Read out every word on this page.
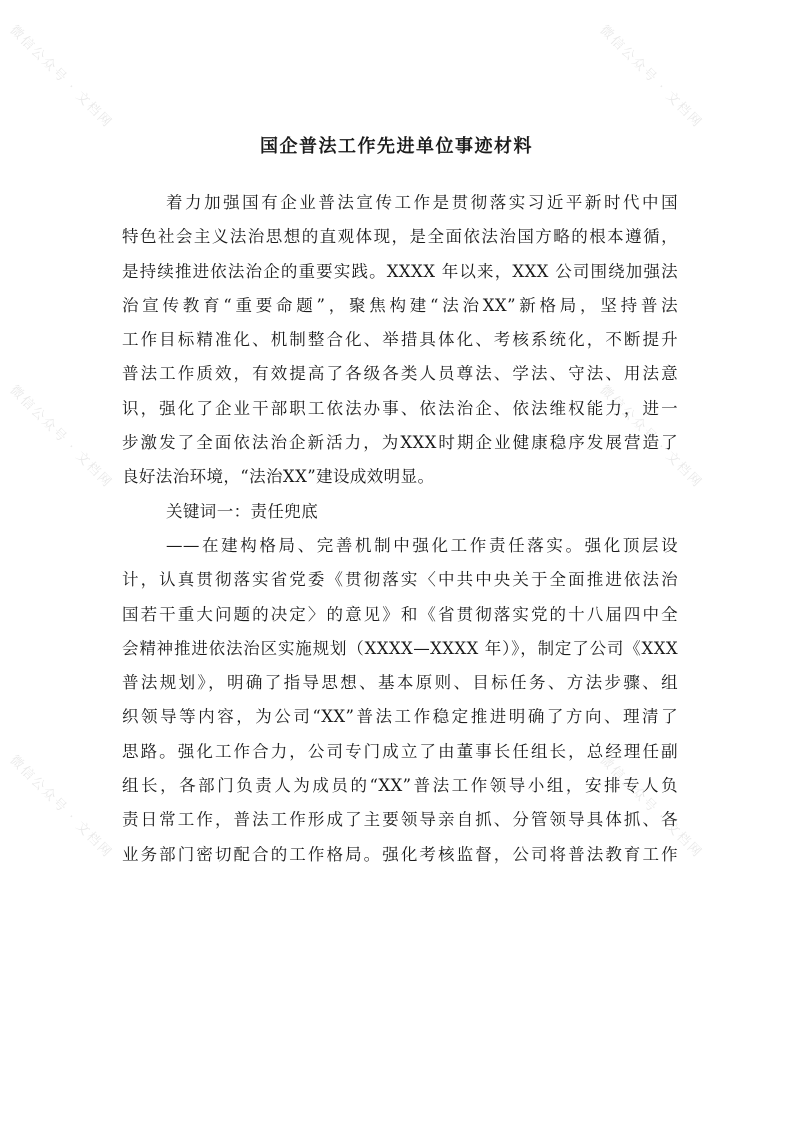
微信公众号 · 文档网	微信公众号 · 文档网
微信公众号 · 文档网	微信公众号 · 文档网
微信公众号 · 文档网	微信公众号 · 文档网
国企普法工作先进单位事迹材料
着力加强国有企业普法宣传工作是贯彻落实习近平新时代中国
特色社会主义法治思想的直观体现，是全面依法治国方略的根本遵循，
是持续推进依法治企的重要实践。XXXX 年以来，XXX 公司围绕加强法
治宣传教育“重要命题”，聚焦构建“法治XX”新格局，坚持普法
工作目标精准化、机制整合化、举措具体化、考核系统化，不断提升
普法工作质效，有效提高了各级各类人员尊法、学法、守法、用法意
识，强化了企业干部职工依法办事、依法治企、依法维权能力，进一
步激发了全面依法治企新活力，为XXX时期企业健康稳序发展营造了
良好法治环境，“法治XX”建设成效明显。
关键词一：责任兜底
——在建构格局、完善机制中强化工作责任落实。强化顶层设
计，认真贯彻落实省党委《贯彻落实〈中共中央关于全面推进依法治
国若干重大问题的决定〉的意见》和《省贯彻落实党的十八届四中全
会精神推进依法治区实施规划（XXXX—XXXX 年）》，制定了公司《XXX
普法规划》，明确了指导思想、基本原则、目标任务、方法步骤、组
织领导等内容，为公司“XX”普法工作稳定推进明确了方向、理清了
思路。强化工作合力，公司专门成立了由董事长任组长，总经理任副
组长，各部门负责人为成员的“XX”普法工作领导小组，安排专人负
责日常工作，普法工作形成了主要领导亲自抓、分管领导具体抓、各
业务部门密切配合的工作格局。强化考核监督，公司将普法教育工作
